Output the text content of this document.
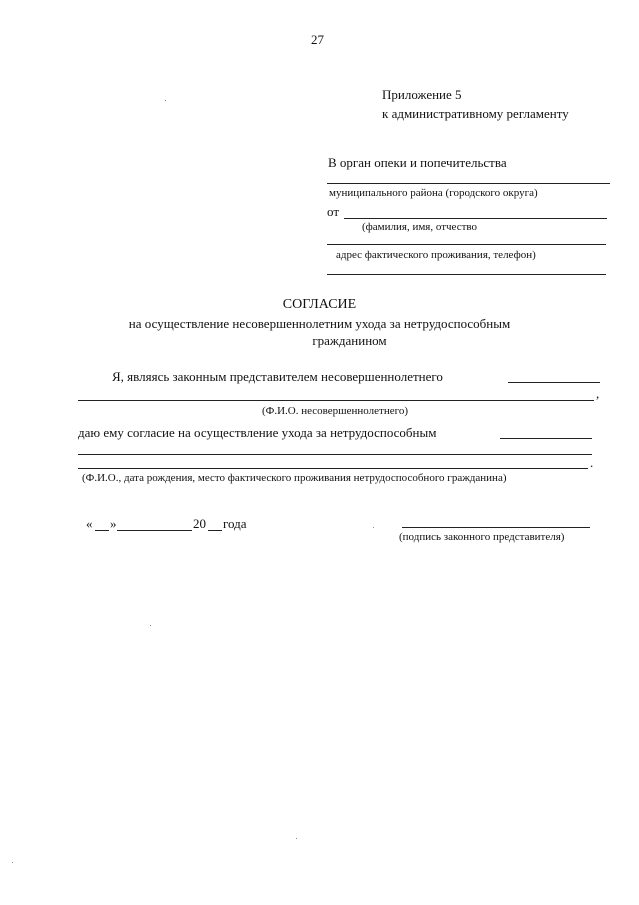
27
Приложение 5
к административному регламенту
В орган опеки и попечительства
муниципального района (городского округа)
от
(фамилия, имя, отчество
адрес фактического проживания, телефон)
СОГЛАСИЕ
на осуществление несовершеннолетним ухода за нетрудоспособным
гражданином
Я, являясь законным представителем несовершеннолетнего
,
(Ф.И.О. несовершеннолетнего)
даю ему согласие на осуществление ухода за нетрудоспособным
.
(Ф.И.О., дата рождения, место фактического проживания нетрудоспособного гражданина)
« »	20 года
(подпись законного представителя)
